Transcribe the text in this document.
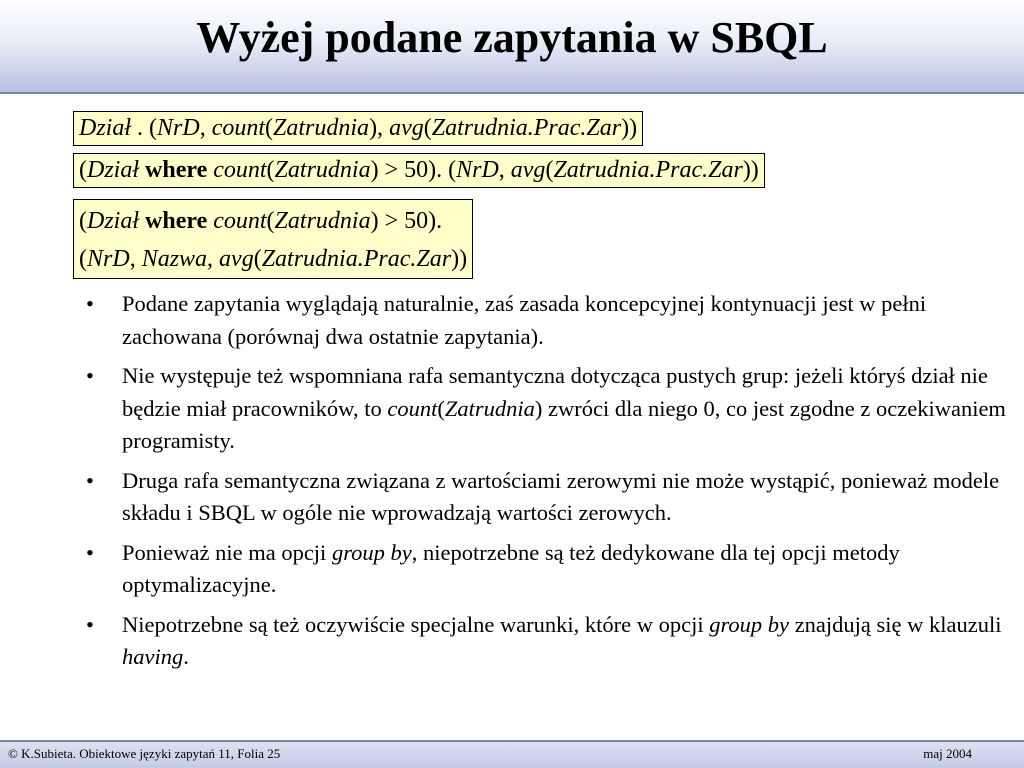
Wyżej podane zapytania w SBQL
Dział . (NrD, count(Zatrudnia), avg(Zatrudnia.Prac.Zar))
(Dział where count(Zatrudnia) > 50). (NrD, avg(Zatrudnia.Prac.Zar))
(Dział where count(Zatrudnia) > 50).
(NrD, Nazwa, avg(Zatrudnia.Prac.Zar))
• Podane zapytania wyglądają naturalnie, zaś zasada koncepcyjnej kontynuacji jest w pełni zachowana (porównaj dwa ostatnie zapytania).
• Nie występuje też wspomniana rafa semantyczna dotycząca pustych grup: jeżeli któryś dział nie będzie miał pracowników, to count(Zatrudnia) zwróci dla niego 0, co jest zgodne z oczekiwaniem programisty.
• Druga rafa semantyczna związana z wartościami zerowymi nie może wystąpić, ponieważ modele składu i SBQL w ogóle nie wprowadzają wartości zerowych.
• Ponieważ nie ma opcji group by, niepotrzebne są też dedykowane dla tej opcji metody optymalizacyjne.
• Niepotrzebne są też oczywiście specjalne warunki, które w opcji group by znajdują się w klauzuli having.
© K.Subieta. Obiektowe języki zapytań 11, Folia 25	maj 2004
